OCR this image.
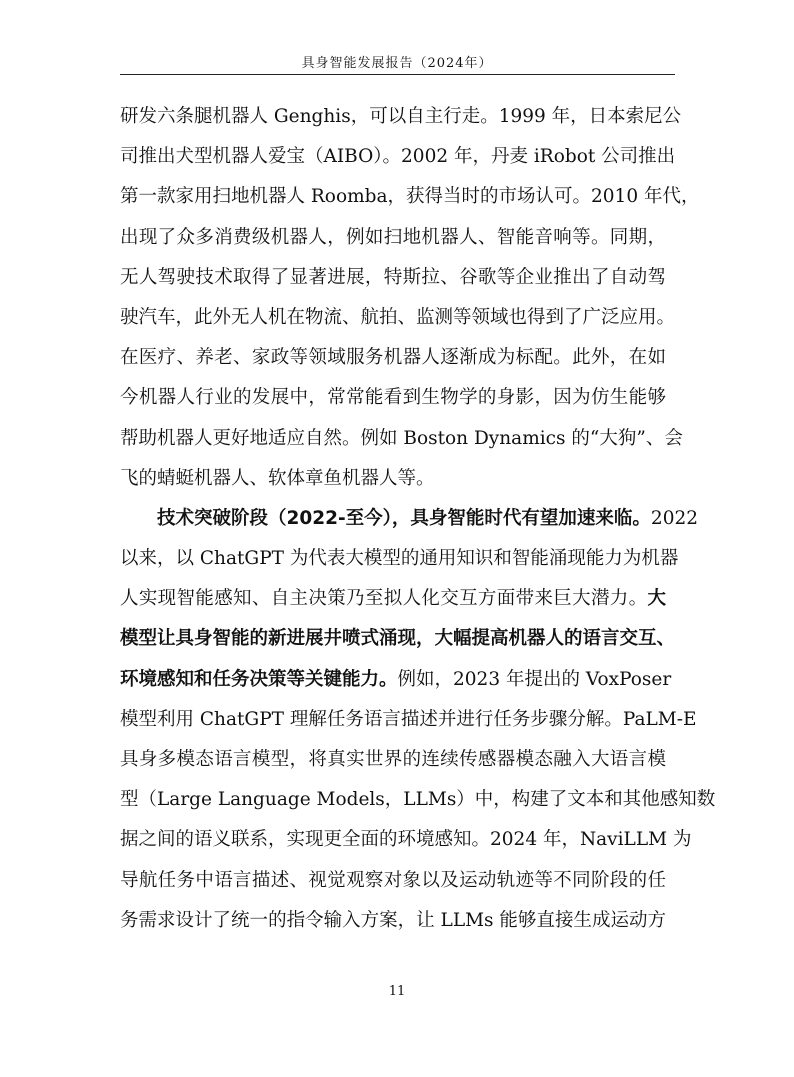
具身智能发展报告（2024年）
研发六条腿机器人 Genghis，可以自主行走。1999 年，日本索尼公
司推出犬型机器人爱宝（AIBO）。2002 年，丹麦 iRobot 公司推出
第一款家用扫地机器人 Roomba，获得当时的市场认可。2010 年代，
出现了众多消费级机器人，例如扫地机器人、智能音响等。同期，
无人驾驶技术取得了显著进展，特斯拉、谷歌等企业推出了自动驾
驶汽车，此外无人机在物流、航拍、监测等领域也得到了广泛应用。
在医疗、养老、家政等领域服务机器人逐渐成为标配。此外，在如
今机器人行业的发展中，常常能看到生物学的身影，因为仿生能够
帮助机器人更好地适应自然。例如 Boston Dynamics 的“大狗”、会
飞的蜻蜓机器人、软体章鱼机器人等。
技术突破阶段（2022-至今），具身智能时代有望加速来临。2022
以来，以 ChatGPT 为代表大模型的通用知识和智能涌现能力为机器
人实现智能感知、自主决策乃至拟人化交互方面带来巨大潜力。大
模型让具身智能的新进展井喷式涌现，大幅提高机器人的语言交互、
环境感知和任务决策等关键能力。例如，2023 年提出的 VoxPoser
模型利用 ChatGPT 理解任务语言描述并进行任务步骤分解。PaLM-E
具身多模态语言模型，将真实世界的连续传感器模态融入大语言模
型（Large Language Models，LLMs）中，构建了文本和其他感知数
据之间的语义联系，实现更全面的环境感知。2024 年，NaviLLM 为
导航任务中语言描述、视觉观察对象以及运动轨迹等不同阶段的任
务需求设计了统一的指令输入方案，让 LLMs 能够直接生成运动方
11
